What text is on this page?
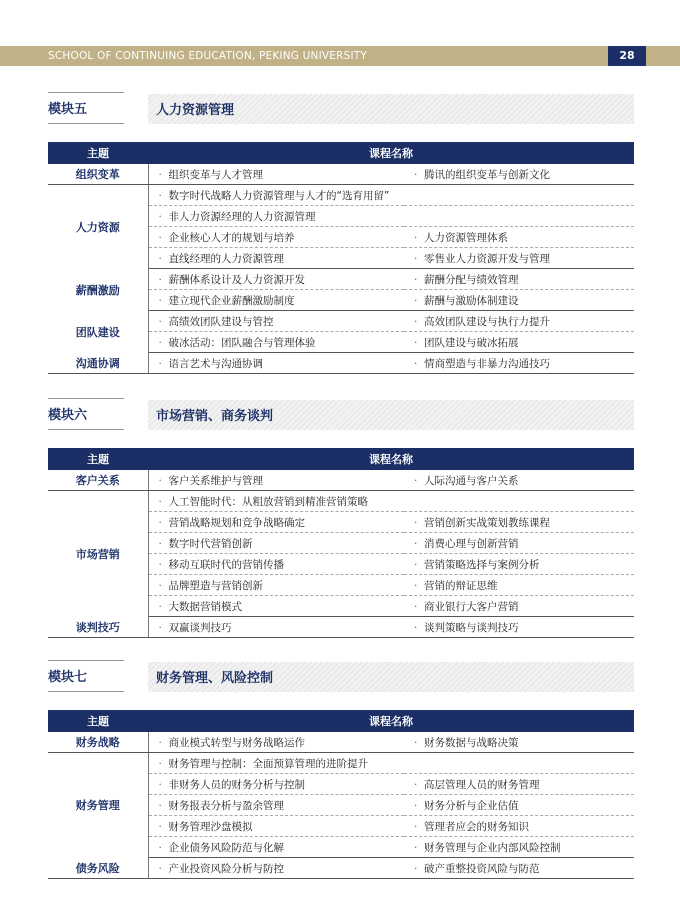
SCHOOL OF CONTINUING EDUCATION, PEKING UNIVERSITY	28
模块五	人力资源管理
主题	课程名称	
组织变革	· 组织变革与人才管理	· 腾讯的组织变革与创新文化
人力资源	· 数字时代战略人力资源管理与人才的“选育用留”	
	· 非人力资源经理的人力资源管理	
	· 企业核心人才的规划与培养	· 人力资源管理体系
	· 直线经理的人力资源管理	· 零售业人力资源开发与管理
薪酬激励	· 薪酬体系设计及人力资源开发	· 薪酬分配与绩效管理
	· 建立现代企业薪酬激励制度	· 薪酬与激励体制建设
团队建设	· 高绩效团队建设与管控	· 高效团队建设与执行力提升
	· 破冰活动：团队融合与管理体验	· 团队建设与破冰拓展
沟通协调	· 语言艺术与沟通协调	· 情商塑造与非暴力沟通技巧
模块六	市场营销、商务谈判
主题	课程名称	
客户关系	· 客户关系维护与管理	· 人际沟通与客户关系
市场营销	· 人工智能时代：从粗放营销到精准营销策略	
	· 营销战略规划和竞争战略确定	· 营销创新实战策划教练课程
	· 数字时代营销创新	· 消费心理与创新营销
	· 移动互联时代的营销传播	· 营销策略选择与案例分析
	· 品牌塑造与营销创新	· 营销的辩证思维
	· 大数据营销模式	· 商业银行大客户营销
谈判技巧	· 双赢谈判技巧	· 谈判策略与谈判技巧
模块七	财务管理、风险控制
主题	课程名称	
财务战略	· 商业模式转型与财务战略运作	· 财务数据与战略决策
财务管理	· 财务管理与控制：全面预算管理的进阶提升	
	· 非财务人员的财务分析与控制	· 高层管理人员的财务管理
	· 财务报表分析与盈余管理	· 财务分析与企业估值
	· 财务管理沙盘模拟	· 管理者应会的财务知识
	· 企业债务风险防范与化解	· 财务管理与企业内部风险控制
债务风险	· 产业投资风险分析与防控	· 破产重整投资风险与防范
